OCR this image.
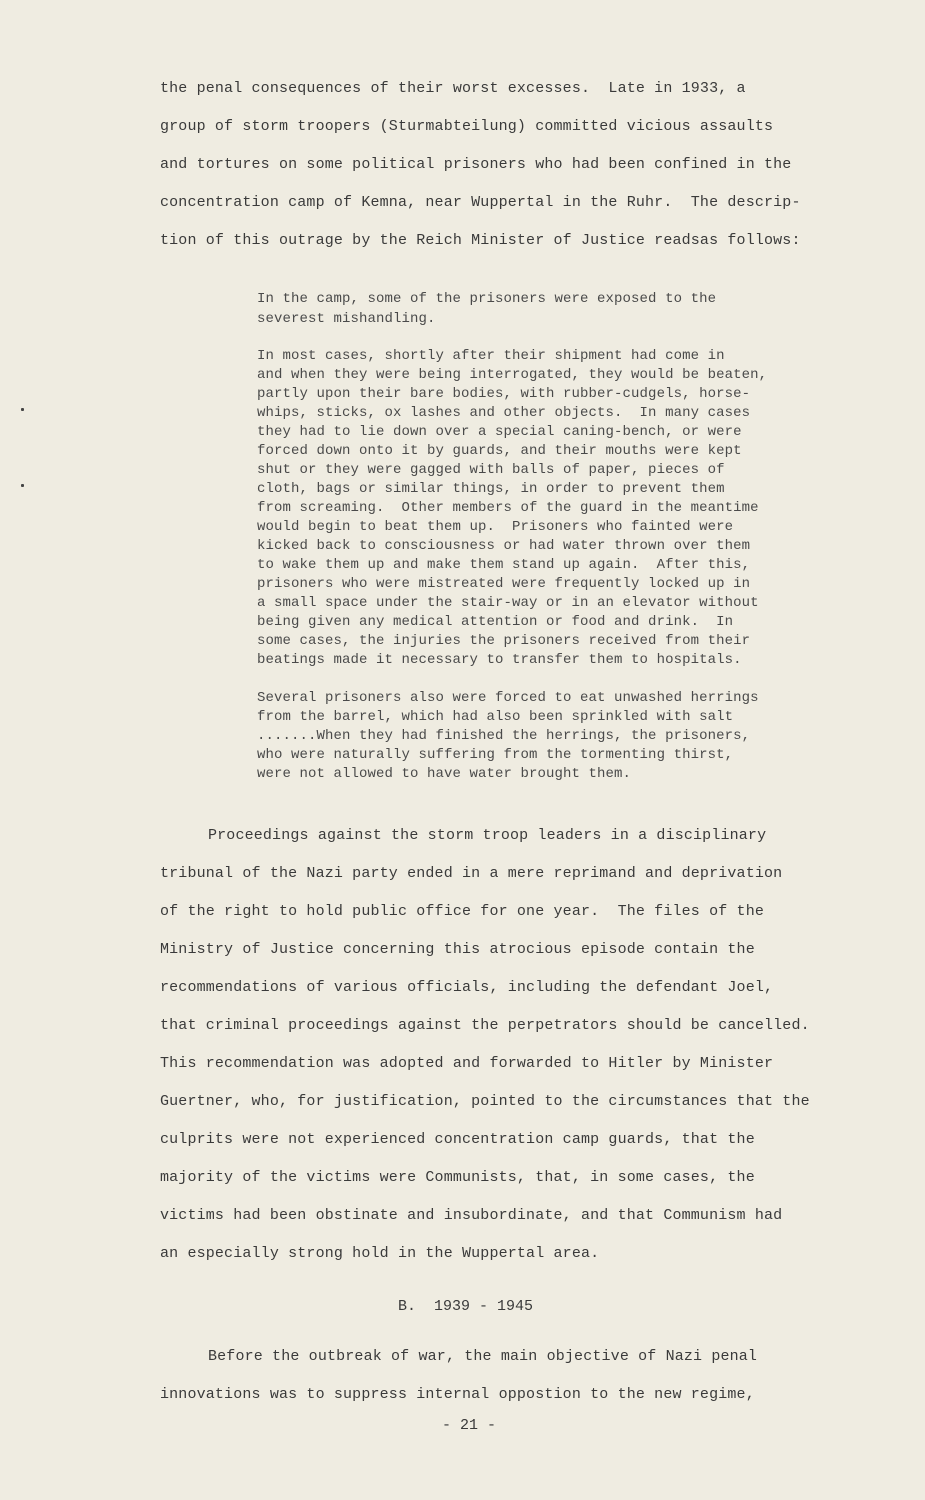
the penal consequences of their worst excesses.  Late in 1933, a
group of storm troopers (Sturmabteilung) committed vicious assaults
and tortures on some political prisoners who had been confined in the
concentration camp of Kemna, near Wuppertal in the Ruhr.  The descrip-
tion of this outrage by the Reich Minister of Justice readsas follows:
In the camp, some of the prisoners were exposed to the
severest mishandling.
In most cases, shortly after their shipment had come in
and when they were being interrogated, they would be beaten,
partly upon their bare bodies, with rubber-cudgels, horse-
whips, sticks, ox lashes and other objects.  In many cases
they had to lie down over a special caning-bench, or were
forced down onto it by guards, and their mouths were kept
shut or they were gagged with balls of paper, pieces of
cloth, bags or similar things, in order to prevent them
from screaming.  Other members of the guard in the meantime
would begin to beat them up.  Prisoners who fainted were
kicked back to consciousness or had water thrown over them
to wake them up and make them stand up again.  After this,
prisoners who were mistreated were frequently locked up in
a small space under the stair-way or in an elevator without
being given any medical attention or food and drink.  In
some cases, the injuries the prisoners received from their
beatings made it necessary to transfer them to hospitals.
Several prisoners also were forced to eat unwashed herrings
from the barrel, which had also been sprinkled with salt
.......When they had finished the herrings, the prisoners,
who were naturally suffering from the tormenting thirst,
were not allowed to have water brought them.
Proceedings against the storm troop leaders in a disciplinary
tribunal of the Nazi party ended in a mere reprimand and deprivation
of the right to hold public office for one year.  The files of the
Ministry of Justice concerning this atrocious episode contain the
recommendations of various officials, including the defendant Joel,
that criminal proceedings against the perpetrators should be cancelled.
This recommendation was adopted and forwarded to Hitler by Minister
Guertner, who, for justification, pointed to the circumstances that the
culprits were not experienced concentration camp guards, that the
majority of the victims were Communists, that, in some cases, the
victims had been obstinate and insubordinate, and that Communism had
an especially strong hold in the Wuppertal area.
B.  1939 - 1945
Before the outbreak of war, the main objective of Nazi penal
innovations was to suppress internal oppostion to the new regime,
- 21 -
